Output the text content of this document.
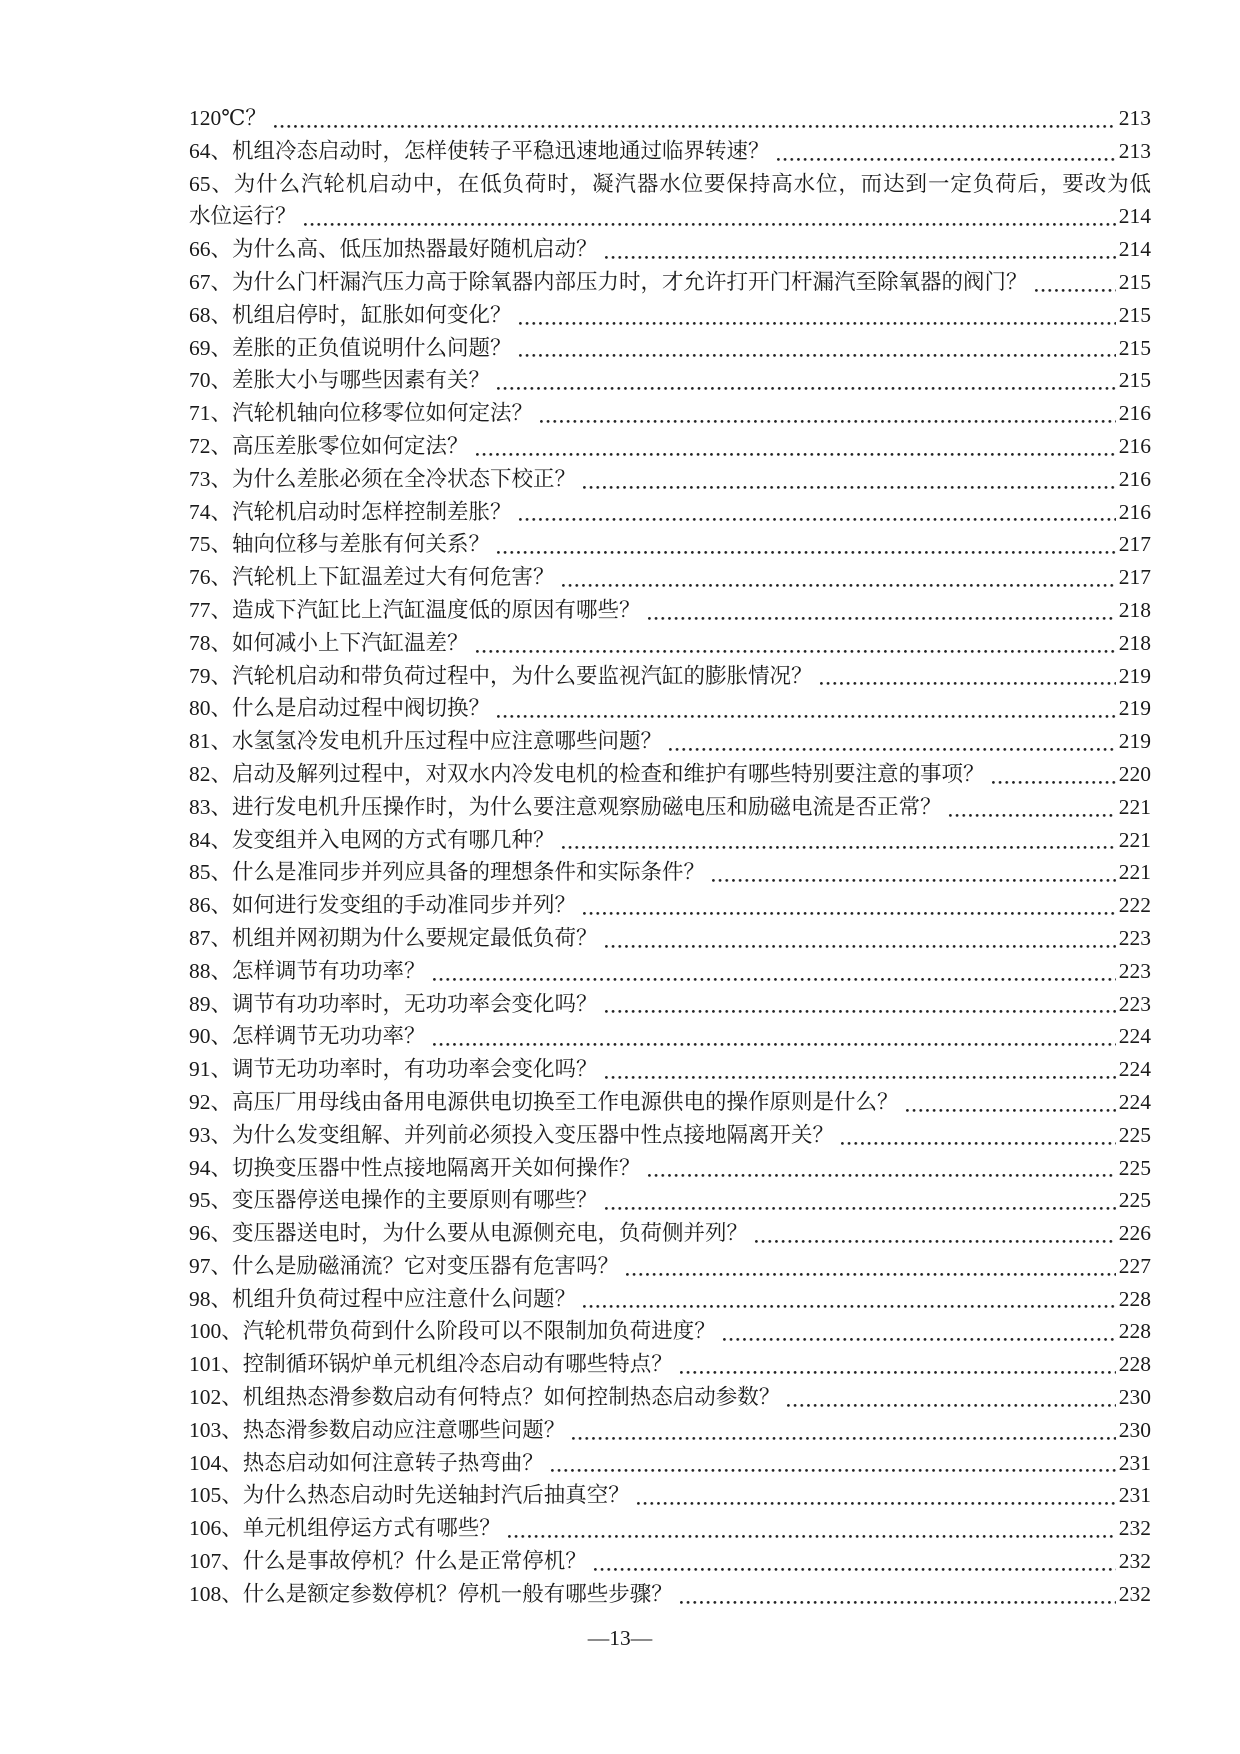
120℃？	213
64、机组冷态启动时，怎样使转子平稳迅速地通过临界转速？	213
65、为什么汽轮机启动中，在低负荷时，凝汽器水位要保持高水位，而达到一定负荷后，要改为低
水位运行？	214
66、为什么高、低压加热器最好随机启动？	214
67、为什么门杆漏汽压力高于除氧器内部压力时，才允许打开门杆漏汽至除氧器的阀门？	215
68、机组启停时，缸胀如何变化？	215
69、差胀的正负值说明什么问题？	215
70、差胀大小与哪些因素有关？	215
71、汽轮机轴向位移零位如何定法？	216
72、高压差胀零位如何定法？	216
73、为什么差胀必须在全冷状态下校正？	216
74、汽轮机启动时怎样控制差胀？	216
75、轴向位移与差胀有何关系？	217
76、汽轮机上下缸温差过大有何危害？	217
77、造成下汽缸比上汽缸温度低的原因有哪些？	218
78、如何减小上下汽缸温差？	218
79、汽轮机启动和带负荷过程中，为什么要监视汽缸的膨胀情况？	219
80、什么是启动过程中阀切换？	219
81、水氢氢冷发电机升压过程中应注意哪些问题？	219
82、启动及解列过程中，对双水内冷发电机的检查和维护有哪些特别要注意的事项？	220
83、进行发电机升压操作时，为什么要注意观察励磁电压和励磁电流是否正常？	221
84、发变组并入电网的方式有哪几种？	221
85、什么是准同步并列应具备的理想条件和实际条件？	221
86、如何进行发变组的手动准同步并列？	222
87、机组并网初期为什么要规定最低负荷？	223
88、怎样调节有功功率？	223
89、调节有功功率时，无功功率会变化吗？	223
90、怎样调节无功功率？	224
91、调节无功功率时，有功功率会变化吗？	224
92、高压厂用母线由备用电源供电切换至工作电源供电的操作原则是什么？	224
93、为什么发变组解、并列前必须投入变压器中性点接地隔离开关？	225
94、切换变压器中性点接地隔离开关如何操作？	225
95、变压器停送电操作的主要原则有哪些？	225
96、变压器送电时，为什么要从电源侧充电，负荷侧并列？	226
97、什么是励磁涌流？它对变压器有危害吗？	227
98、机组升负荷过程中应注意什么问题？	228
100、汽轮机带负荷到什么阶段可以不限制加负荷进度？	228
101、控制循环锅炉单元机组冷态启动有哪些特点？	228
102、机组热态滑参数启动有何特点？如何控制热态启动参数？	230
103、热态滑参数启动应注意哪些问题？	230
104、热态启动如何注意转子热弯曲？	231
105、为什么热态启动时先送轴封汽后抽真空？	231
106、单元机组停运方式有哪些？	232
107、什么是事故停机？什么是正常停机？	232
108、什么是额定参数停机？停机一般有哪些步骤？	232
—13—
